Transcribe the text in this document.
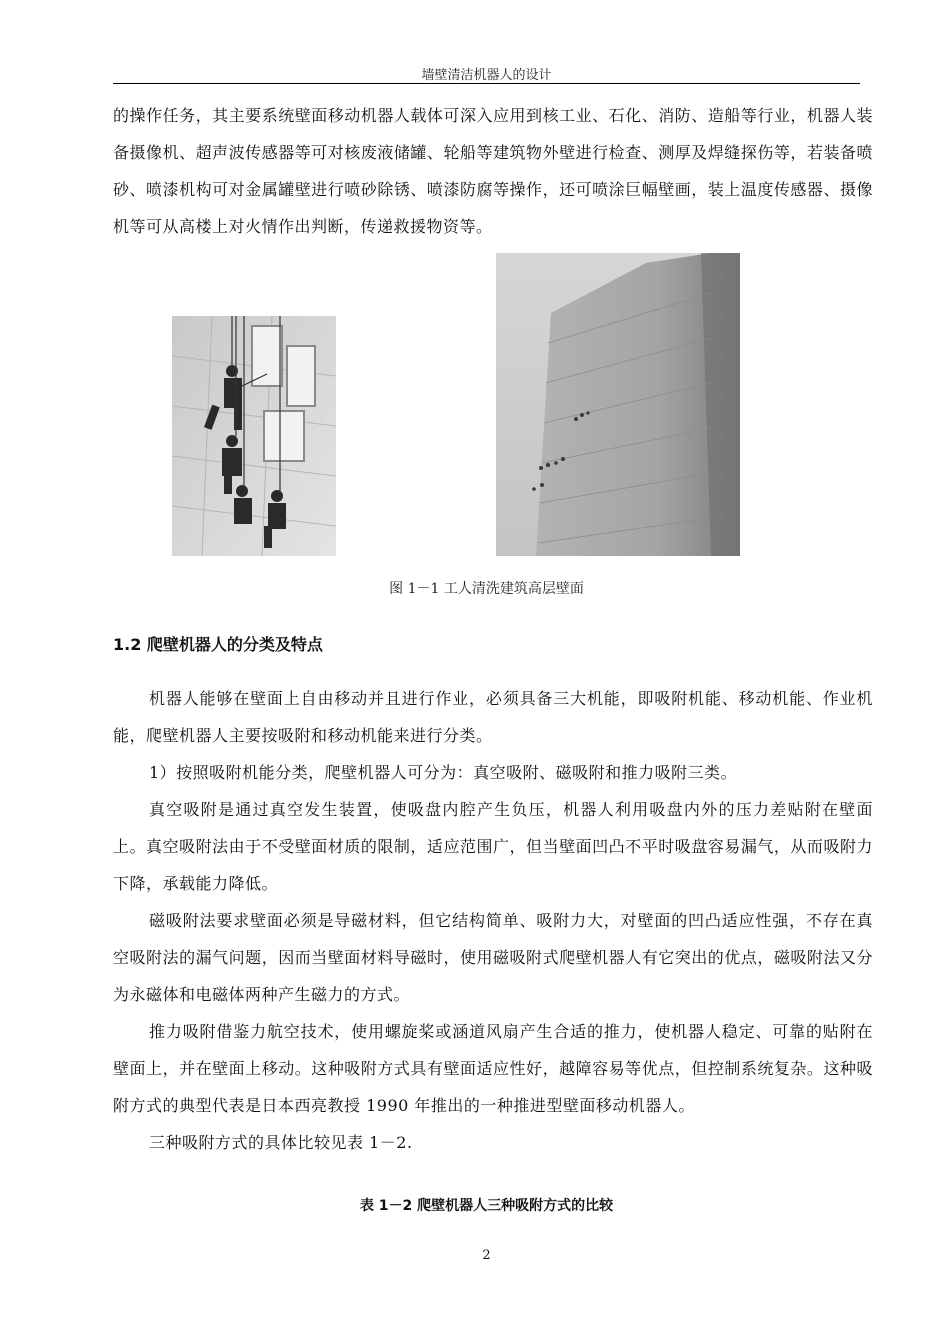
墙壁清洁机器人的设计

的操作任务，其主要系统壁面移动机器人载体可深入应用到核工业、石化、消防、造船等行业，机器人装备摄像机、超声波传感器等可对核废液储罐、轮船等建筑物外壁进行检查、测厚及焊缝探伤等，若装备喷砂、喷漆机构可对金属罐壁进行喷砂除锈、喷漆防腐等操作，还可喷涂巨幅壁画，装上温度传感器、摄像机等可从高楼上对火情作出判断，传递救援物资等。

图 1－1 工人清洗建筑高层壁面
1.2 爬壁机器人的分类及特点

机器人能够在壁面上自由移动并且进行作业，必须具备三大机能，即吸附机能、移动机能、作业机能，爬壁机器人主要按吸附和移动机能来进行分类。

1）按照吸附机能分类，爬壁机器人可分为：真空吸附、磁吸附和推力吸附三类。

真空吸附是通过真空发生装置，使吸盘内腔产生负压，机器人利用吸盘内外的压力差贴附在壁面上。真空吸附法由于不受壁面材质的限制，适应范围广，但当壁面凹凸不平时吸盘容易漏气，从而吸附力下降，承载能力降低。

磁吸附法要求壁面必须是导磁材料，但它结构简单、吸附力大，对壁面的凹凸适应性强，不存在真空吸附法的漏气问题，因而当壁面材料导磁时，使用磁吸附式爬壁机器人有它突出的优点，磁吸附法又分为永磁体和电磁体两种产生磁力的方式。

推力吸附借鉴力航空技术，使用螺旋桨或涵道风扇产生合适的推力，使机器人稳定、可靠的贴附在壁面上，并在壁面上移动。这种吸附方式具有壁面适应性好，越障容易等优点，但控制系统复杂。这种吸附方式的典型代表是日本西亮教授 1990 年推出的一种推进型壁面移动机器人。

三种吸附方式的具体比较见表 1－2.

表 1－2 爬壁机器人三种吸附方式的比较
2
